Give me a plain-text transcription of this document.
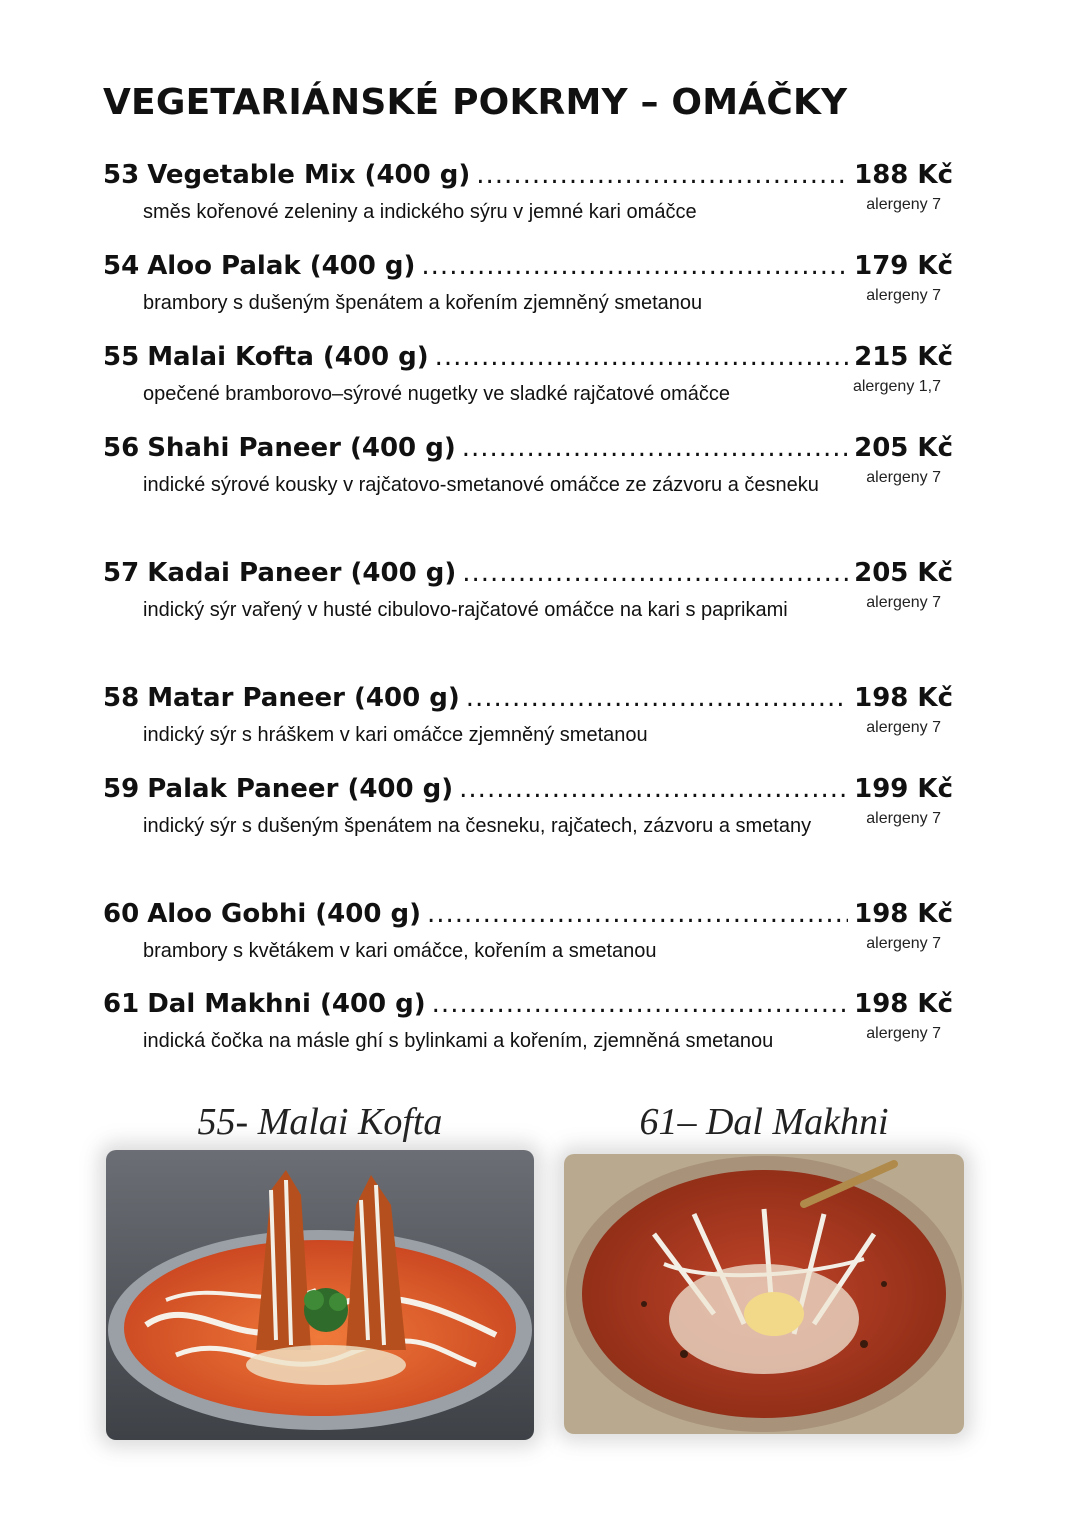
VEGETARIÁNSKÉ POKRMY – OMÁČKY
53 Vegetable Mix (400 g) .....	188 Kč
směs kořenové zeleniny a indického sýru v jemné kari omáčce	alergeny 7
54 Aloo Palak (400 g) .....	179 Kč
brambory s dušeným špenátem a kořením zjemněný smetanou	alergeny 7
55 Malai Kofta (400 g) .....	215 Kč
opečené bramborovo–sýrové nugetky ve sladké rajčatové omáčce	alergeny 1,7
56 Shahi Paneer (400 g) .....	205 Kč
indické sýrové kousky v rajčatovo-smetanové omáčce ze zázvoru a česneku	alergeny 7
57 Kadai Paneer (400 g) .....	205 Kč
indický sýr vařený v husté cibulovo-rajčatové omáčce na kari s paprikami	alergeny 7
58 Matar Paneer (400 g) .....	198 Kč
indický sýr s hráškem v kari omáčce zjemněný smetanou	alergeny 7
59 Palak Paneer (400 g) .....	199 Kč
indický sýr s dušeným špenátem na česneku, rajčatech, zázvoru a smetany	alergeny 7
60 Aloo Gobhi (400 g) .....	198 Kč
brambory s květákem v kari omáčce, kořením a smetanou	alergeny 7
61 Dal Makhni (400 g) .....	198 Kč
indická čočka na másle ghí s bylinkami a kořením, zjemněná smetanou	alergeny 7
55- Malai Kofta	61– Dal Makhni
